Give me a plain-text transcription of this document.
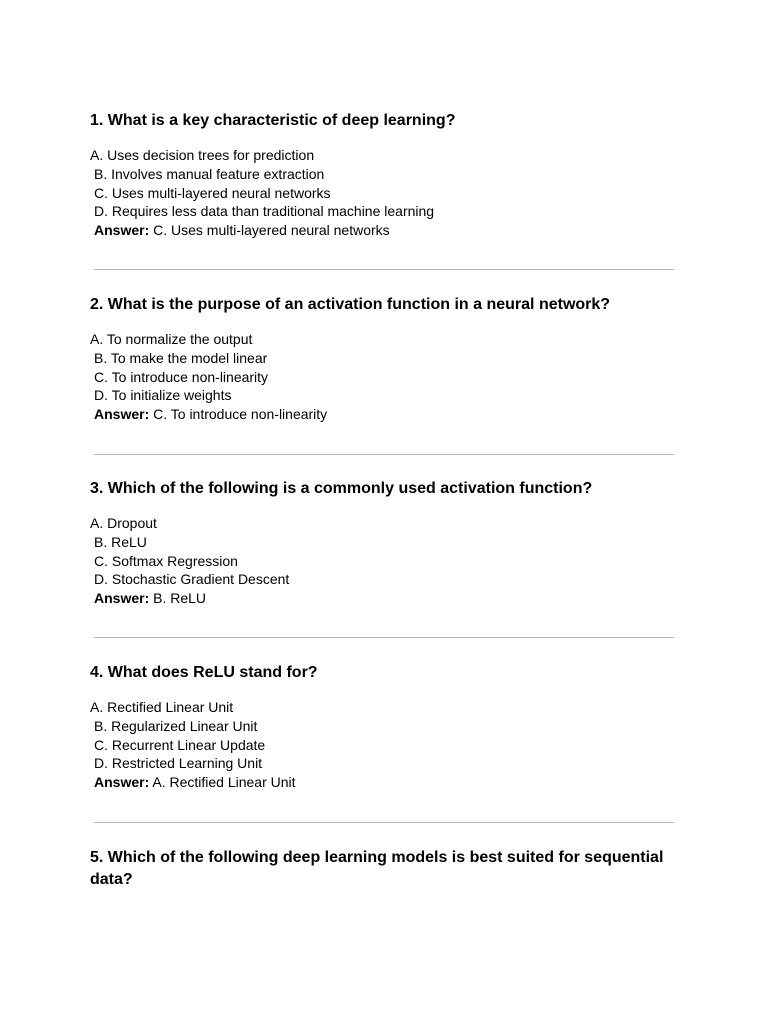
1. What is a key characteristic of deep learning?

A. Uses decision trees for prediction
B. Involves manual feature extraction
C. Uses multi-layered neural networks
D. Requires less data than traditional machine learning
Answer: C. Uses multi-layered neural networks

2. What is the purpose of an activation function in a neural network?

A. To normalize the output
B. To make the model linear
C. To introduce non-linearity
D. To initialize weights
Answer: C. To introduce non-linearity

3. Which of the following is a commonly used activation function?

A. Dropout
B. ReLU
C. Softmax Regression
D. Stochastic Gradient Descent
Answer: B. ReLU

4. What does ReLU stand for?

A. Rectified Linear Unit
B. Regularized Linear Unit
C. Recurrent Linear Update
D. Restricted Learning Unit
Answer: A. Rectified Linear Unit

5. Which of the following deep learning models is best suited for sequential data?
